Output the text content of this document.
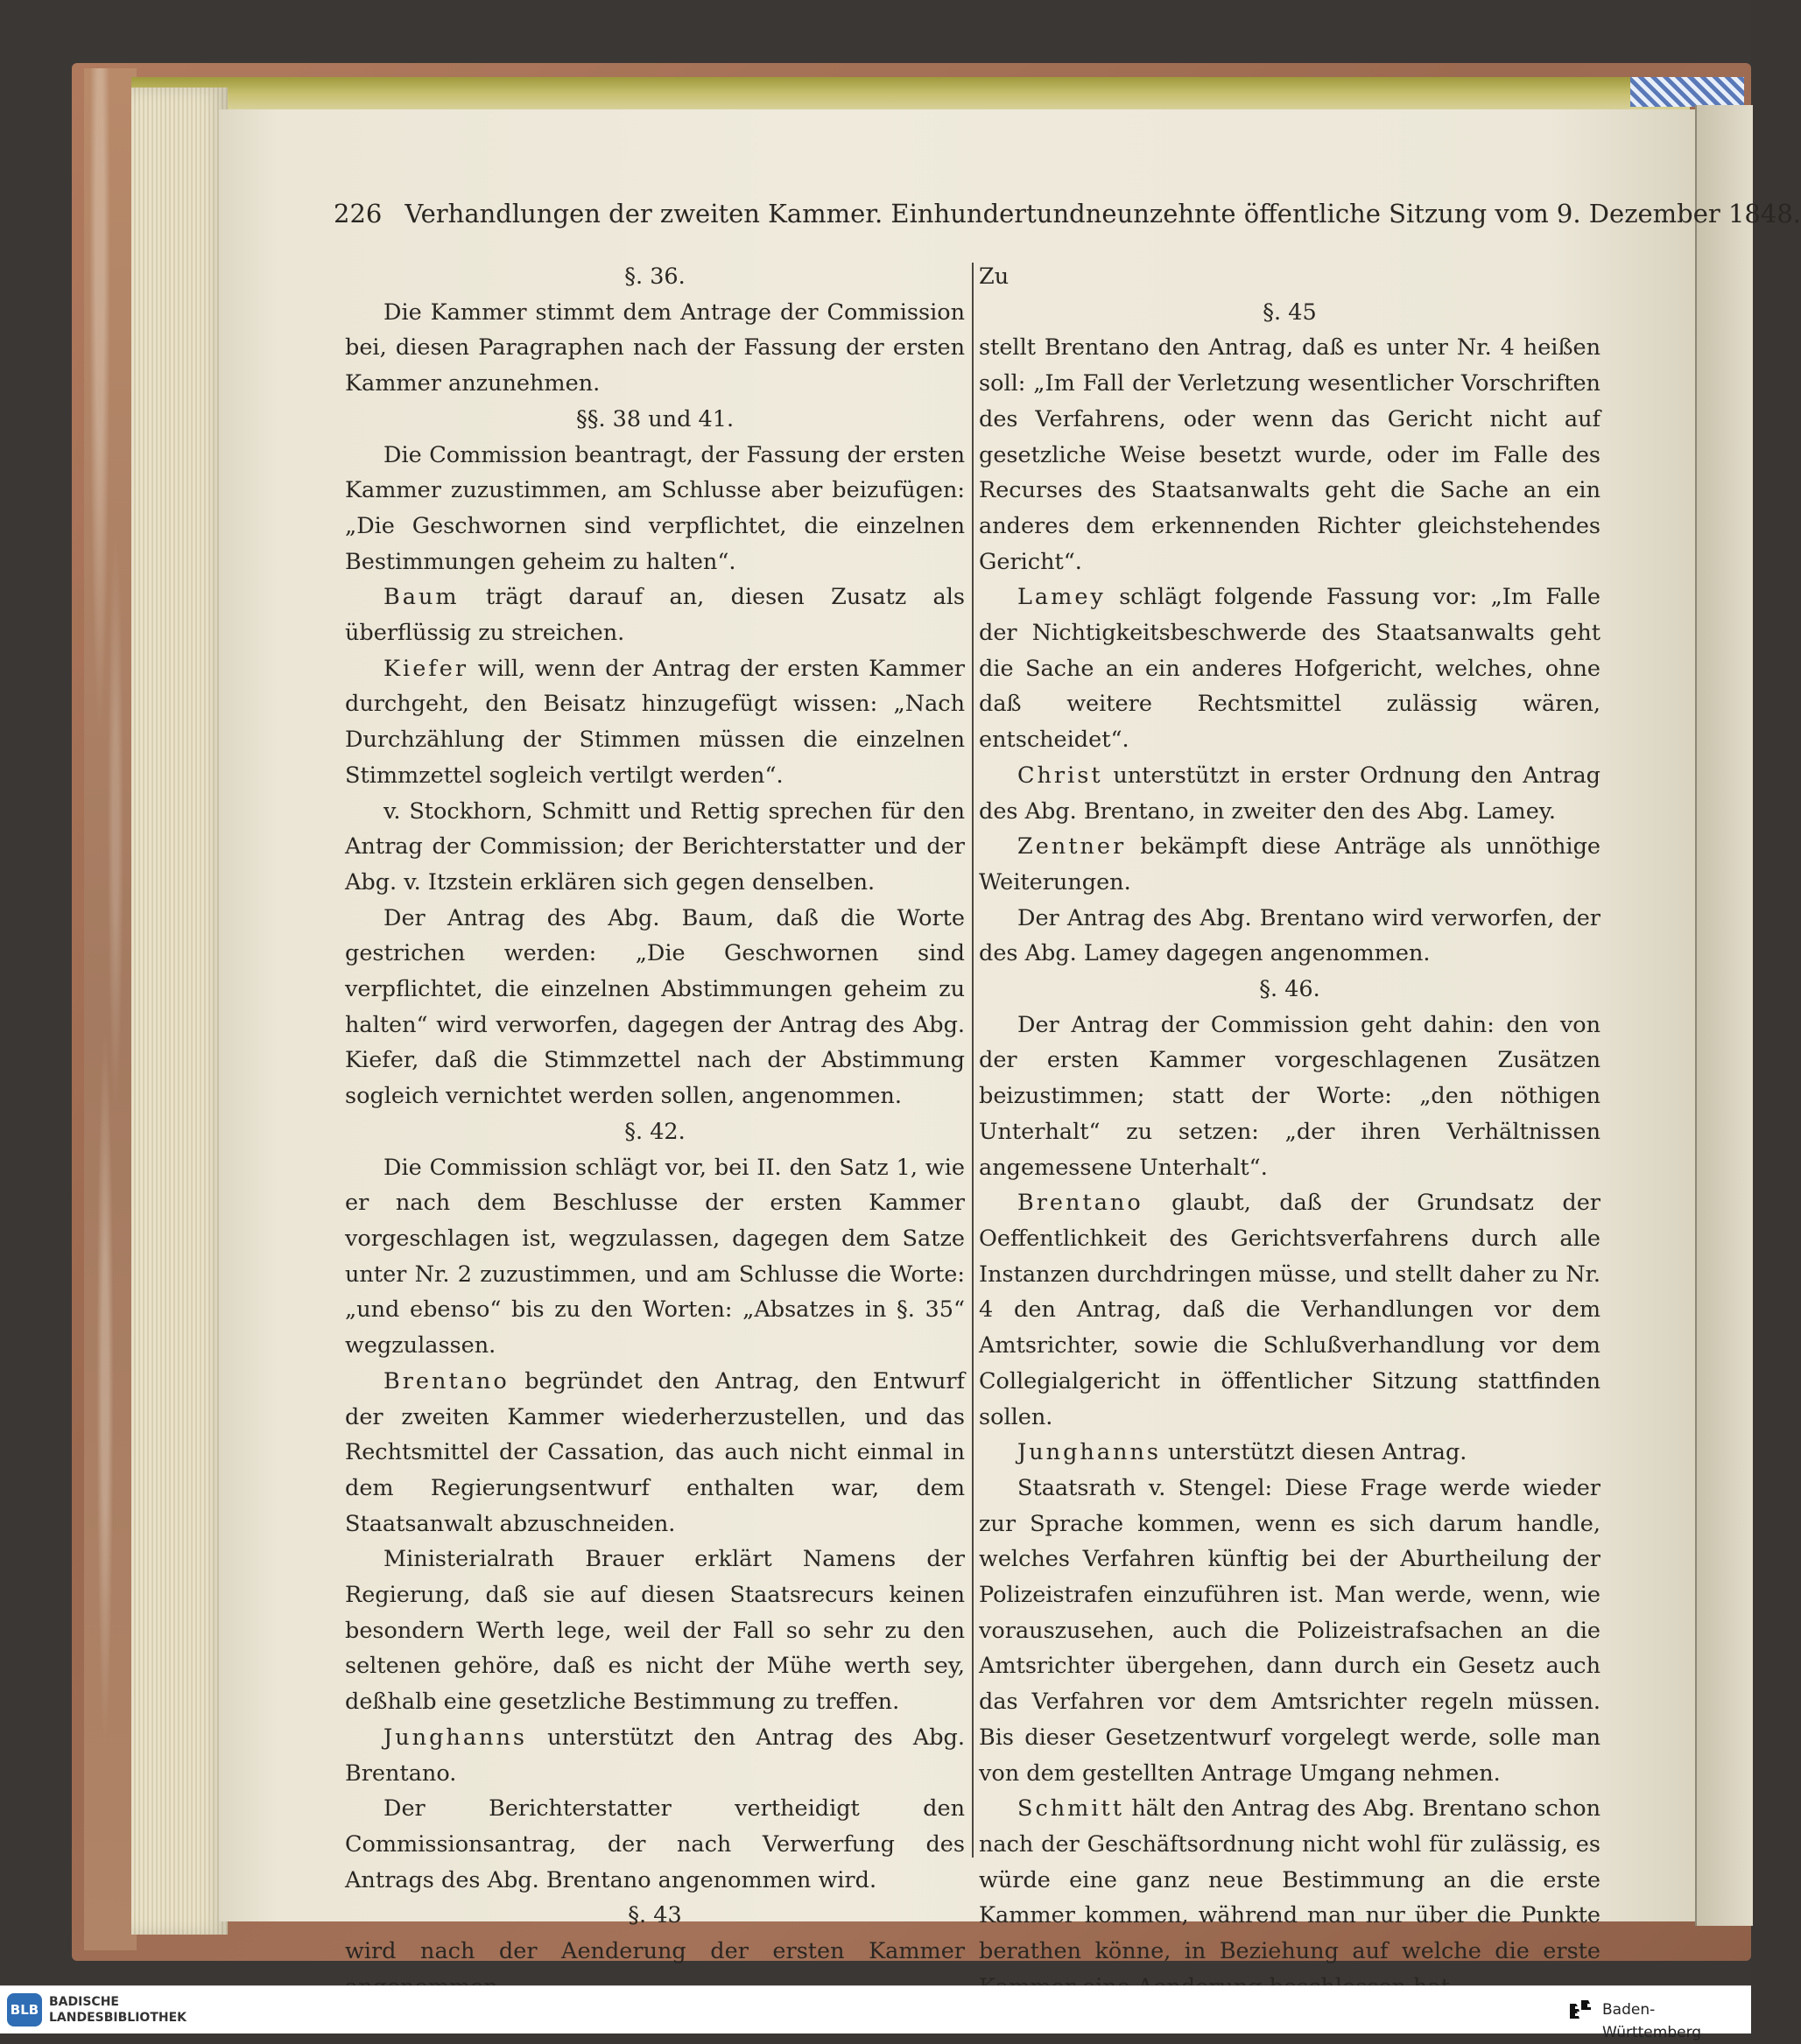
226 Verhandlungen der zweiten Kammer. Einhundertundneunzehnte öffentliche Sitzung vom 9. Dezember 1848.

§. 36.

Die Kammer stimmt dem Antrage der Commission bei, diesen Paragraphen nach der Fassung der ersten Kammer anzunehmen.

§§. 38 und 41.

Die Commission beantragt, der Fassung der ersten Kammer zuzustimmen, am Schlusse aber beizufügen: „Die Geschwornen sind verpflichtet, die einzelnen Bestimmungen geheim zu halten“.

Baum trägt darauf an, diesen Zusatz als überflüssig zu streichen.

Kiefer will, wenn der Antrag der ersten Kammer durchgeht, den Beisatz hinzugefügt wissen: „Nach Durchzählung der Stimmen müssen die einzelnen Stimmzettel sogleich vertilgt werden“.

v. Stockhorn, Schmitt und Rettig sprechen für den Antrag der Commission; der Berichterstatter und der Abg. v. Itzstein erklären sich gegen denselben.

Der Antrag des Abg. Baum, daß die Worte gestrichen werden: „Die Geschwornen sind verpflichtet, die einzelnen Abstimmungen geheim zu halten“ wird verworfen, dagegen der Antrag des Abg. Kiefer, daß die Stimmzettel nach der Abstimmung sogleich vernichtet werden sollen, angenommen.

§. 42.

Die Commission schlägt vor, bei II. den Satz 1, wie er nach dem Beschlusse der ersten Kammer vorgeschlagen ist, wegzulassen, dagegen dem Satze unter Nr. 2 zuzustimmen, und am Schlusse die Worte: „und ebenso“ bis zu den Worten: „Absatzes in §. 35“ wegzulassen.

Brentano begründet den Antrag, den Entwurf der zweiten Kammer wiederherzustellen, und das Rechtsmittel der Cassation, das auch nicht einmal in dem Regierungsentwurf enthalten war, dem Staatsanwalt abzuschneiden.

Ministerialrath Brauer erklärt Namens der Regierung, daß sie auf diesen Staatsrecurs keinen besondern Werth lege, weil der Fall so sehr zu den seltenen gehöre, daß es nicht der Mühe werth sey, deßhalb eine gesetzliche Bestimmung zu treffen.

Junghanns unterstützt den Antrag des Abg. Brentano.

Der Berichterstatter vertheidigt den Commissionsantrag, der nach Verwerfung des Antrags des Abg. Brentano angenommen wird.

§. 43

wird nach der Aenderung der ersten Kammer

Zu

§. 45

stellt Brentano den Antrag, daß es unter Nr. 4 heißen soll: „Im Fall der Verletzung wesentlicher Vorschriften des Verfahrens, oder wenn das Gericht nicht auf gesetzliche Weise besetzt wurde, oder im Falle des Recurses des Staatsanwalts geht die Sache an ein anderes dem erkennenden Richter gleichstehendes Gericht“.

Lamey schlägt folgende Fassung vor: „Im Falle der Nichtigkeitsbeschwerde des Staatsanwalts geht die Sache an ein anderes Hofgericht, welches, ohne daß weitere Rechtsmittel zulässig wären, entscheidet“.

Christ unterstützt in erster Ordnung den Antrag des Abg. Brentano, in zweiter den des Abg. Lamey.

Zentner bekämpft diese Anträge als unnöthige Weiterungen.

Der Antrag des Abg. Brentano wird verworfen, der des Abg. Lamey dagegen angenommen.

§. 46.

Der Antrag der Commission geht dahin: den von der ersten Kammer vorgeschlagenen Zusätzen beizustimmen; statt der Worte: „den nöthigen Unterhalt“ zu setzen: „der ihren Verhältnissen angemessene Unterhalt“.

Brentano glaubt, daß der Grundsatz der Oeffentlichkeit des Gerichtsverfahrens durch alle Instanzen durchdringen müsse, und stellt daher zu Nr. 4 den Antrag, daß die Verhandlungen vor dem Amtsrichter, sowie die Schlußverhandlung vor dem Collegialgericht in öffentlicher Sitzung stattfinden sollen.

Junghanns unterstützt diesen Antrag.

Staatsrath v. Stengel: Diese Frage werde wieder zur Sprache kommen, wenn es sich darum handle, welches Verfahren künftig bei der Aburtheilung der Polizeistrafen einzuführen ist. Man werde, wenn, wie vorauszusehen, auch die Polizeistrafsachen an die Amtsrichter übergehen, dann durch ein Gesetz auch das Verfahren vor dem Amtsrichter regeln müssen. Bis dieser Gesetzentwurf vorgelegt werde, solle man von dem gestellten Antrage Umgang nehmen.

Schmitt hält den Antrag des Abg. Brentano schon nach der Geschäftsordnung nicht wohl für zulässig, es würde eine ganz neue Bestimmung an die erste Kammer kommen, während man nur über die Punkte berathen könne, in Beziehung auf welche die erste

BLB BADISCHE
LANDESBIBLIOTHEK	Baden-Württemberg
